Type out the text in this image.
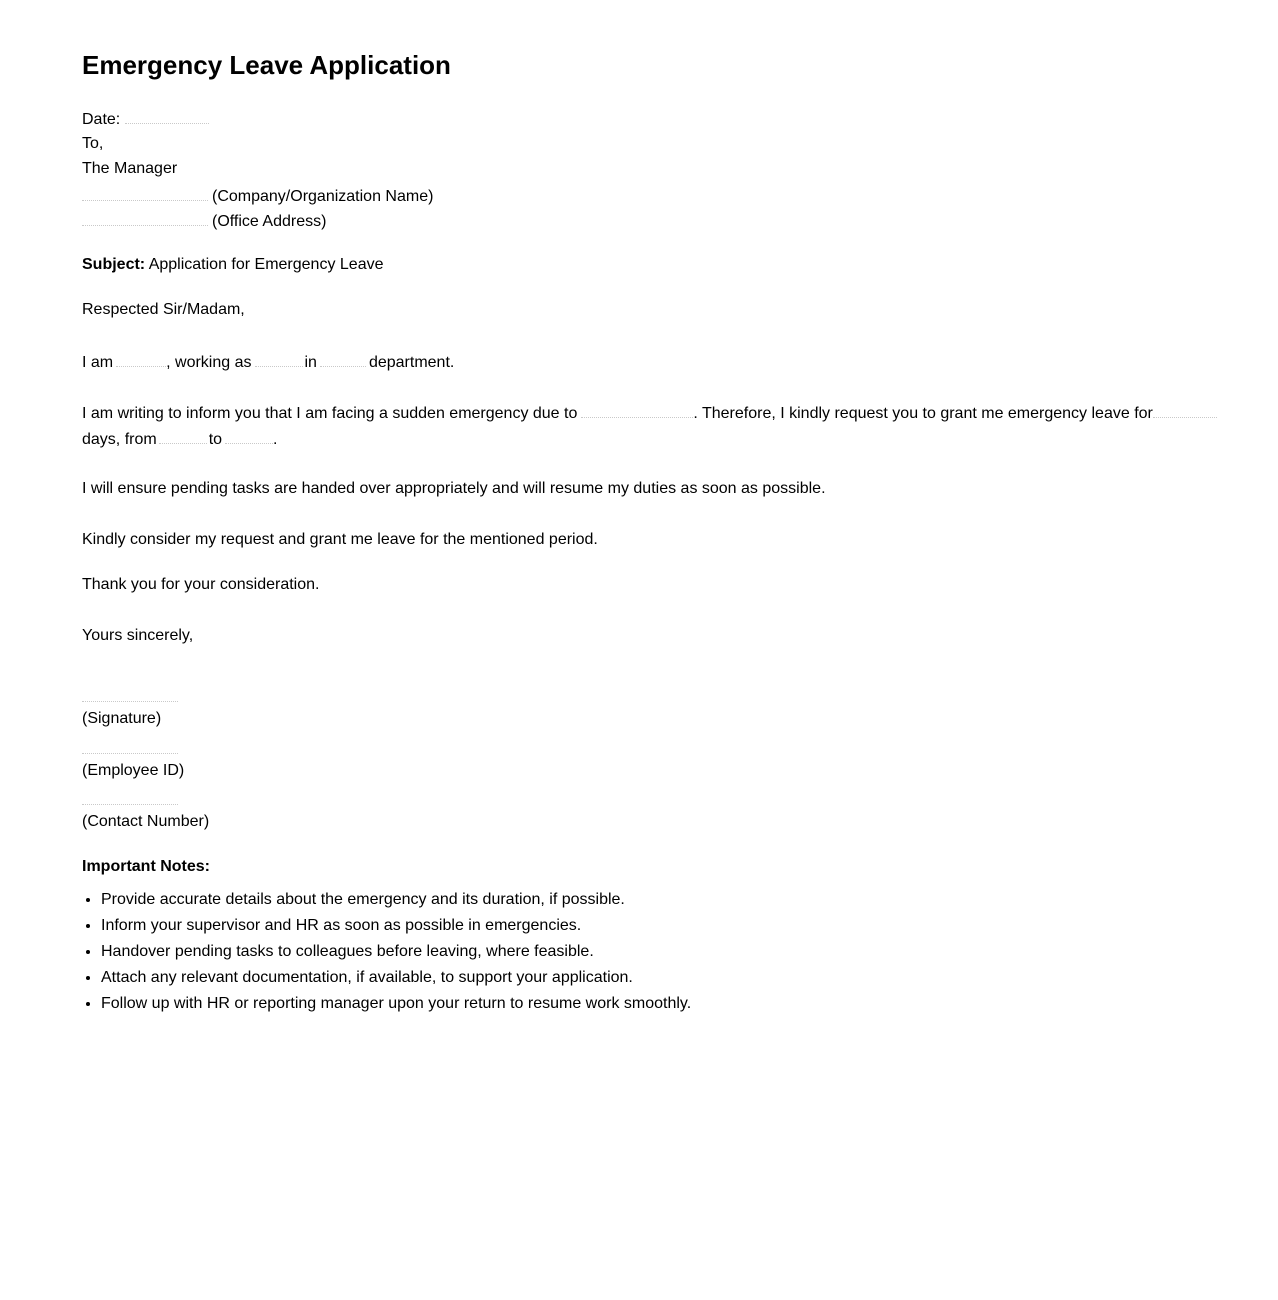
Emergency Leave Application
Date:
To,
The Manager
(Company/Organization Name)
(Office Address)
Subject: Application for Emergency Leave
Respected Sir/Madam,
I am	, working as	in	department.
I am writing to inform you that I am facing a sudden emergency due to	. Therefore, I kindly request you to grant me emergency leave for
days, from	to	.
I will ensure pending tasks are handed over appropriately and will resume my duties as soon as possible.
Kindly consider my request and grant me leave for the mentioned period.
Thank you for your consideration.
Yours sincerely,
(Signature)
(Employee ID)
(Contact Number)
Important Notes:
• Provide accurate details about the emergency and its duration, if possible.
• Inform your supervisor and HR as soon as possible in emergencies.
• Handover pending tasks to colleagues before leaving, where feasible.
• Attach any relevant documentation, if available, to support your application.
• Follow up with HR or reporting manager upon your return to resume work smoothly.
